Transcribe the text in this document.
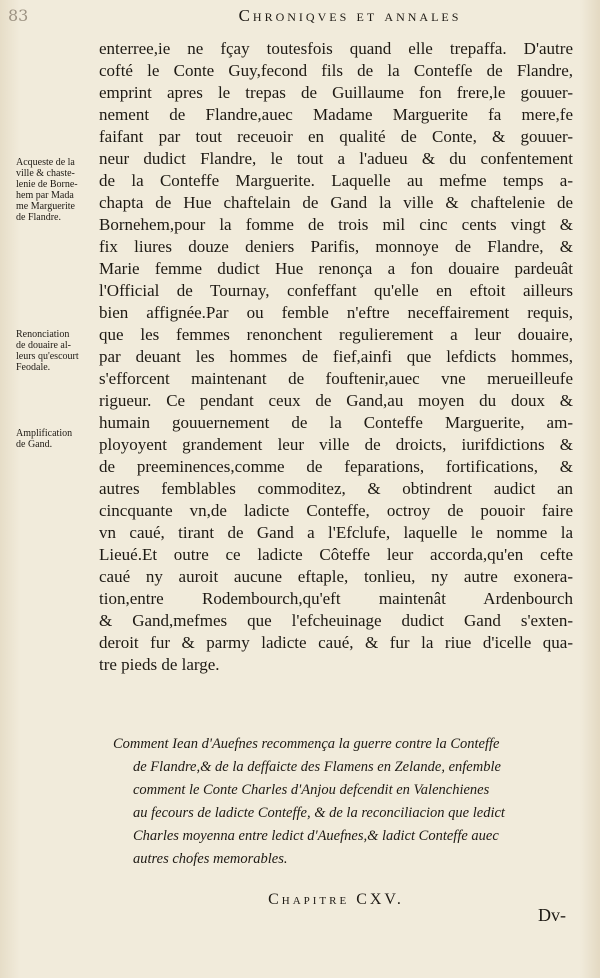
83	Chroniqves et annales
Acqueste de la
ville & chaste-
lenie de Borne-
hem par Mada
me Marguerite
de Flandre.
Renonciation
de douaire al-
leurs qu'escourt
Feodale.
Amplification
de Gand.
enterree,ie ne fçay toutesfois quand elle trepaffa. D'autre
cofté le Conte Guy,fecond fils de la Contefſe de Flandre,
emprint apres le trepas de Guillaume fon frere,le gouuer-
nement de Flandre,auec Madame Marguerite fa mere,fe
faifant par tout receuoir en qualité de Conte, & gouuer-
neur dudict Flandre, le tout a l'adueu & du confentement
de la Conteffe Marguerite. Laquelle au mefme temps a-
chapta de Hue chaftelain de Gand la ville & chaftelenie de
Bornehem,pour la fomme de trois mil cinc cents vingt &
fix liures douze deniers Parifis, monnoye de Flandre, &
Marie femme dudict Hue renonça a fon douaire pardeuât
l'Official de Tournay, confeffant qu'elle en eftoit ailleurs
bien affignée.Par ou femble n'eftre neceffairement requis,
que les femmes renonchent regulierement a leur douaire,
par deuant les hommes de fief,ainfi que lefdicts hommes,
s'efforcent maintenant de fouftenir,auec vne merueilleufe
rigueur. Ce pendant ceux de Gand,au moyen du doux &
humain gouuernement de la Conteffe Marguerite, am-
ployoyent grandement leur ville de droicts, iurifdictions &
de preeminences,comme de feparations, fortifications, &
autres femblables commoditez, & obtindrent audict an
cincquante vn,de ladicte Conteffe, octroy de pouoir faire
vn caué, tirant de Gand a l'Efclufe, laquelle le nomme la
Lieué.Et outre ce ladicte Côteffe leur accorda,qu'en cefte
caué ny auroit aucune eftaple, tonlieu, ny autre exonera-
tion,entre Rodembourch,qu'eft maintenât Ardenbourch
& Gand,mefmes que l'efcheuinage dudict Gand s'exten-
deroit fur & parmy ladicte caué, & fur la riue d'icelle qua-
tre pieds de large.
Comment Iean d'Auefnes recommença la guerre contre la Conteffe
de Flandre,& de la deffaicte des Flamens en Zelande, enfemble
comment le Conte Charles d'Anjou defcendit en Valenchienes
au fecours de ladicte Conteffe, & de la reconciliacion que ledict
Charles moyenna entre ledict d'Auefnes,& ladict Conteffe auec
autres chofes memorables.
Chapitre CXV.
Dv-
